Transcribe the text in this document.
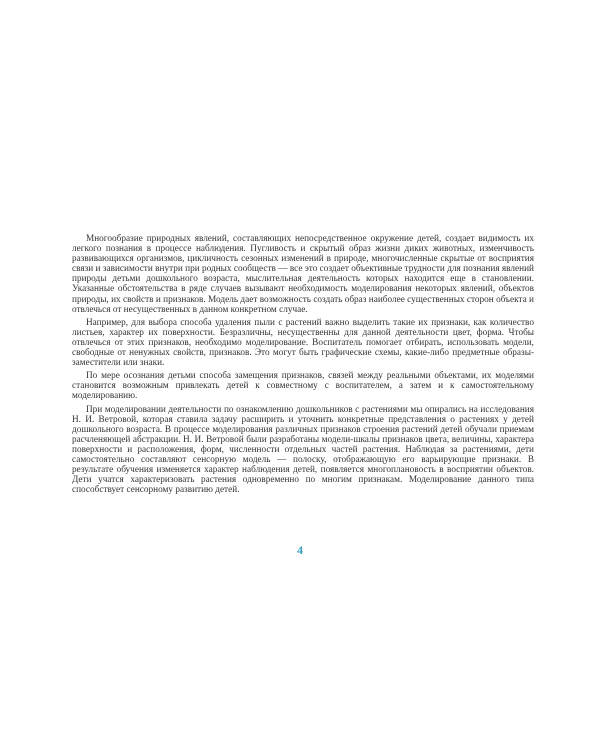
Многообразие природных явлений, составляющих непосредственное окружение детей, создает видимость их легкого познания в процессе наблюдения. Пугливость и скрытый образ жизни диких животных, изменчивость развивающихся организмов, цикличность сезонных изменений в природе, многочисленные скрытые от восприятия связи и зависимости внутри при родных сообществ — все это создает объективные трудности для познания явлений природы детьми дошкольного возраста, мыслительная деятельность которых находится еще в становлении. Указанные обстоятельства в ряде случаев вызывают необходимость моделирования некоторых явлений, объектов природы, их свойств и признаков. Модель дает возможность создать образ наиболее существенных сторон объекта и отвлечься от несущественных в данном конкретном случае.

Например, для выбора способа удаления пыли с растений важно выделить такие их признаки, как количество листьев, характер их поверхности. Безразличны, несущественны для данной деятельности цвет, форма. Чтобы отвлечься от этих признаков, необходимо моделирование. Воспитатель помогает отбирать, использовать модели, свободные от ненужных свойств, признаков. Это могут быть графические схемы, какие-либо предметные образы-заместители или знаки.

По мере осознания детьми способа замещения признаков, связей между реальными объектами, их моделями становится возможным привлекать детей к совместному с воспитателем, а затем и к самостоятельному моделированию.

При моделировании деятельности по ознакомлению дошкольников с растениями мы опирались на исследования Н. И. Ветровой, которая ставила задачу расширить и уточнить конкретные представления о растениях у детей дошкольного возраста. В процессе моделирования различных признаков строения растений детей обучали приемам расчленяющей абстракции. Н. И. Ветровой были разработаны модели-шкалы признаков цвета, величины, характера поверхности и расположения, форм, численности отдельных частей растения. Наблюдая за растениями, дети самостоятельно составляют сенсорную модель — полоску, отображающую его варьирующие признаки. В результате обучения изменяется характер наблюдения детей, появляется многоплановость в восприятии объектов. Дети учатся характеризовать растения одновременно по многим признакам. Моделирование данного типа способствует сенсорному развитию детей.

4
